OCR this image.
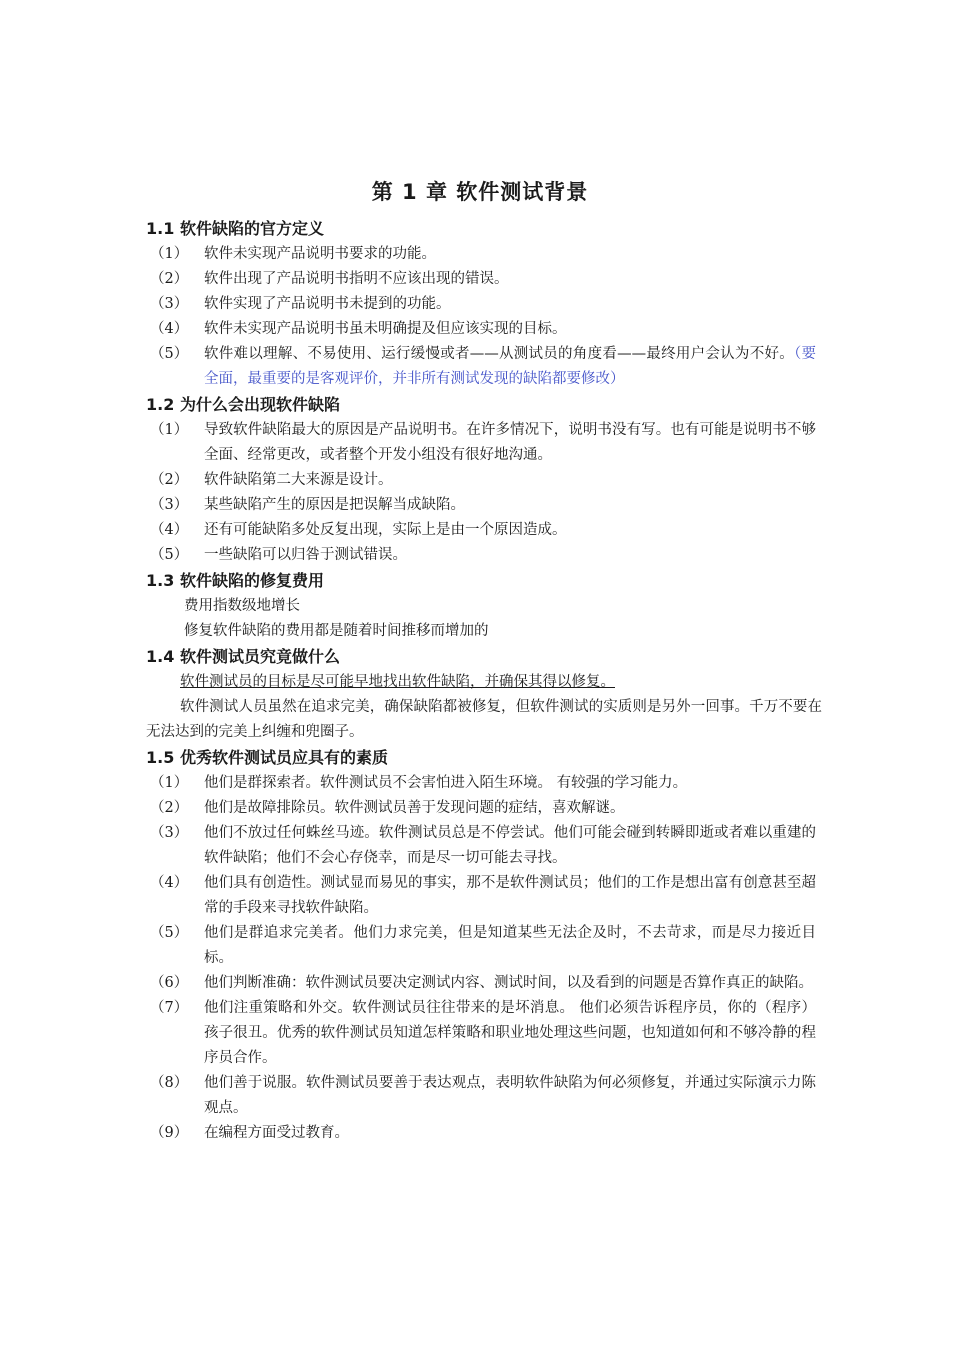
第 1 章 软件测试背景
1.1 软件缺陷的官方定义
（1）	软件未实现产品说明书要求的功能。
（2）	软件出现了产品说明书指明不应该出现的错误。
（3）	软件实现了产品说明书未提到的功能。
（4）	软件未实现产品说明书虽未明确提及但应该实现的目标。
（5）	软件难以理解、不易使用、运行缓慢或者——从测试员的角度看——最终用户会认为不好。（要全面，最重要的是客观评价，并非所有测试发现的缺陷都要修改）
1.2 为什么会出现软件缺陷
（1）	导致软件缺陷最大的原因是产品说明书。在许多情况下，说明书没有写。也有可能是说明书不够全面、经常更改，或者整个开发小组没有很好地沟通。
（2）	软件缺陷第二大来源是设计。
（3）	某些缺陷产生的原因是把误解当成缺陷。
（4）	还有可能缺陷多处反复出现，实际上是由一个原因造成。
（5）	一些缺陷可以归咎于测试错误。
1.3 软件缺陷的修复费用
费用指数级地增长
修复软件缺陷的费用都是随着时间推移而增加的
1.4 软件测试员究竟做什么
软件测试员的目标是尽可能早地找出软件缺陷，并确保其得以修复。
软件测试人员虽然在追求完美，确保缺陷都被修复，但软件测试的实质则是另外一回事。千万不要在无法达到的完美上纠缠和兜圈子。
1.5 优秀软件测试员应具有的素质
（1）	他们是群探索者。软件测试员不会害怕进入陌生环境。 有较强的学习能力。
（2）	他们是故障排除员。软件测试员善于发现问题的症结，喜欢解谜。
（3）	他们不放过任何蛛丝马迹。软件测试员总是不停尝试。他们可能会碰到转瞬即逝或者难以重建的软件缺陷；他们不会心存侥幸，而是尽一切可能去寻找。
（4）	他们具有创造性。测试显而易见的事实，那不是软件测试员；他们的工作是想出富有创意甚至超常的手段来寻找软件缺陷。
（5）	他们是群追求完美者。他们力求完美，但是知道某些无法企及时，不去苛求，而是尽力接近目标。
（6）	他们判断准确：软件测试员要决定测试内容、测试时间，以及看到的问题是否算作真正的缺陷。
（7）	他们注重策略和外交。软件测试员往往带来的是坏消息。 他们必须告诉程序员，你的（程序）孩子很丑。优秀的软件测试员知道怎样策略和职业地处理这些问题，也知道如何和不够冷静的程序员合作。
（8）	他们善于说服。软件测试员要善于表达观点，表明软件缺陷为何必须修复，并通过实际演示力陈观点。
（9）	在编程方面受过教育。
